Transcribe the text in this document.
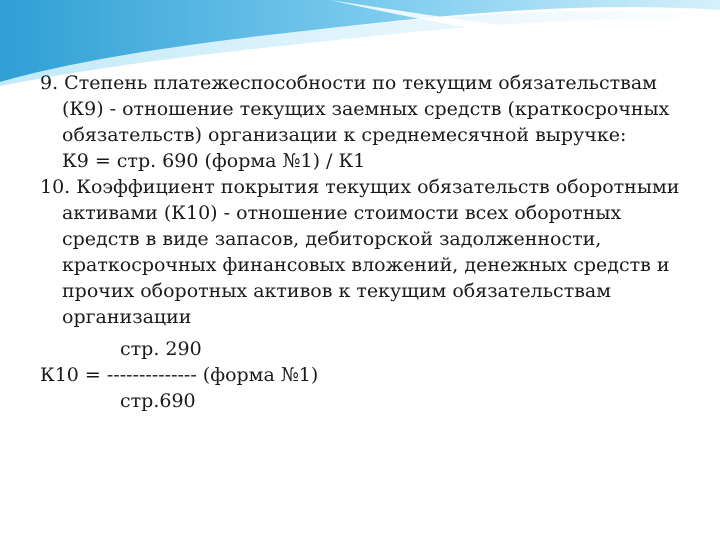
9. Степень платежеспособности по текущим обязательствам (К9) - отношение текущих заемных средств (краткосрочных обязательств) организации к среднемесячной выручке:
К9 = стр. 690 (форма №1) / К1

10. Коэффициент покрытия текущих обязательств оборотными активами (К10) - отношение стоимости всех оборотных средств в виде запасов, дебиторской задолженности, краткосрочных финансовых вложений, денежных средств и прочих оборотных активов к текущим обязательствам организации

стр. 290
К10 = -------------- (форма №1)
стр.690
